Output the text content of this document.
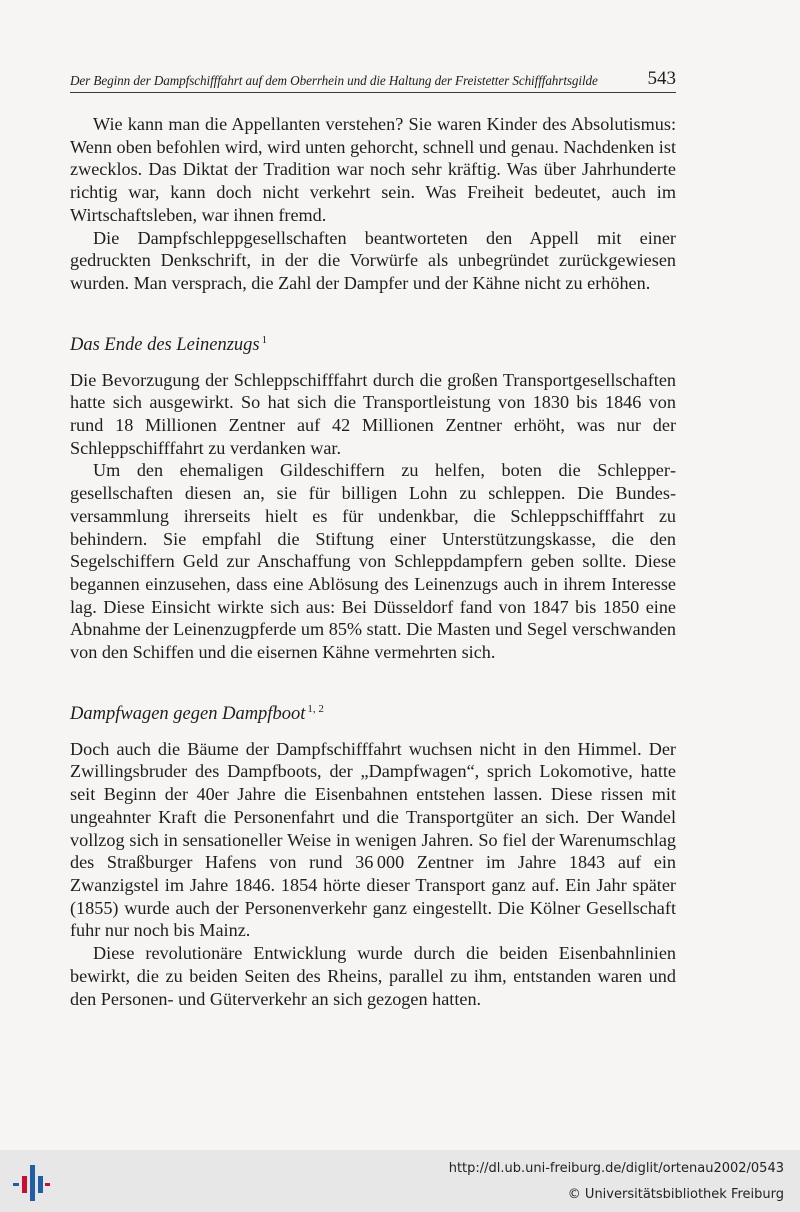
Der Beginn der Dampfschifffahrt auf dem Oberrhein und die Haltung der Freistetter Schifffahrtsgilde	543

Wie kann man die Appellanten verstehen? Sie waren Kinder des Absolutismus: Wenn oben befohlen wird, wird unten gehorcht, schnell und genau. Nachdenken ist zwecklos. Das Diktat der Tradition war noch sehr kräftig. Was über Jahrhunderte richtig war, kann doch nicht verkehrt sein. Was Freiheit bedeutet, auch im Wirtschaftsleben, war ihnen fremd.

Die Dampfschleppgesellschaften beantworteten den Appell mit einer gedruckten Denkschrift, in der die Vorwürfe als unbegründet zurückgewiesen wurden. Man versprach, die Zahl der Dampfer und der Kähne nicht zu erhöhen.

Das Ende des Leinenzugs $^1$

Die Bevorzugung der Schleppschifffahrt durch die großen Transportgesellschaften hatte sich ausgewirkt. So hat sich die Transportleistung von 1830 bis 1846 von rund 18 Millionen Zentner auf 42 Millionen Zentner erhöht, was nur der Schleppschifffahrt zu verdanken war.

Um den ehemaligen Gildeschiffern zu helfen, boten die Schleppergesellschaften diesen an, sie für billigen Lohn zu schleppen. Die Bundesversammlung ihrerseits hielt es für undenkbar, die Schleppschifffahrt zu behindern. Sie empfahl die Stiftung einer Unterstützungskasse, die den Segelschiffern Geld zur Anschaffung von Schleppdampfern geben sollte. Diese begannen einzusehen, dass eine Ablösung des Leinenzugs auch in ihrem Interesse lag. Diese Einsicht wirkte sich aus: Bei Düsseldorf fand von 1847 bis 1850 eine Abnahme der Leinenzugpferde um 85% statt. Die Masten und Segel verschwanden von den Schiffen und die eisernen Kähne vermehrten sich.

Dampfwagen gegen Dampfboot $^{1, 2}$

Doch auch die Bäume der Dampfschifffahrt wuchsen nicht in den Himmel. Der Zwillingsbruder des Dampfboots, der „Dampfwagen“, sprich Lokomotive, hatte seit Beginn der 40er Jahre die Eisenbahnen entstehen lassen. Diese rissen mit ungeahnter Kraft die Personenfahrt und die Transportgüter an sich. Der Wandel vollzog sich in sensationeller Weise in wenigen Jahren. So fiel der Warenumschlag des Straßburger Hafens von rund 36 000 Zentner im Jahre 1843 auf ein Zwanzigstel im Jahre 1846. 1854 hörte dieser Transport ganz auf. Ein Jahr später (1855) wurde auch der Personenverkehr ganz eingestellt. Die Kölner Gesellschaft fuhr nur noch bis Mainz.

Diese revolutionäre Entwicklung wurde durch die beiden Eisenbahnlinien bewirkt, die zu beiden Seiten des Rheins, parallel zu ihm, entstanden waren und den Personen- und Güterverkehr an sich gezogen hatten.

http://dl.ub.uni-freiburg.de/diglit/ortenau2002/0543
© Universitätsbibliothek Freiburg
